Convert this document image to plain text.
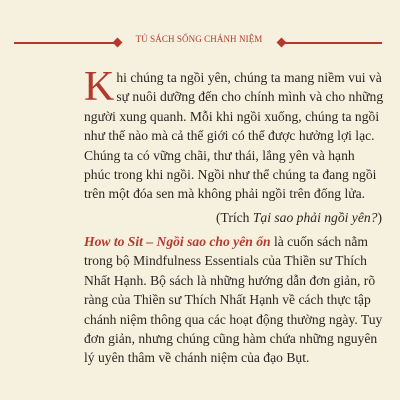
TỦ SÁCH SỐNG CHÁNH NIỆM
Khi chúng ta ngồi yên, chúng ta mang niềm vui và sự nuôi dưỡng đến cho chính mình và cho những người xung quanh. Mỗi khi ngồi xuống, chúng ta ngồi như thế nào mà cả thế giới có thể được hưởng lợi lạc. Chúng ta có vững chãi, thư thái, lắng yên và hạnh phúc trong khi ngồi. Ngồi như thể chúng ta đang ngồi trên một đóa sen mà không phải ngồi trên đống lửa.
(Trích Tại sao phải ngồi yên?)
How to Sit – Ngồi sao cho yên ổn là cuốn sách nằm trong bộ Mindfulness Essentials của Thiền sư Thích Nhất Hạnh. Bộ sách là những hướng dẫn đơn giản, rõ ràng của Thiền sư Thích Nhất Hạnh về cách thực tập chánh niệm thông qua các hoạt động thường ngày. Tuy đơn giản, nhưng chúng cũng hàm chứa những nguyên lý uyên thâm về chánh niệm của đạo Bụt.
